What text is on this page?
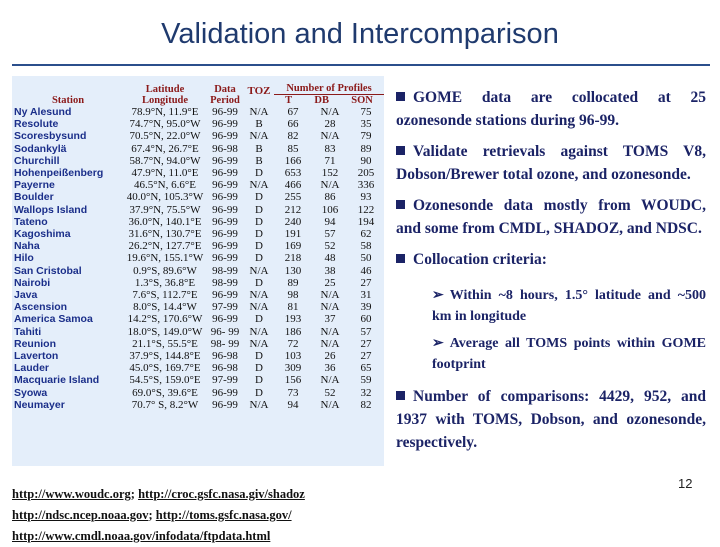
Validation and Intercomparison
Station	Latitude Longitude	Data Period	TOZ	Number of Profiles
T DB SON		

Ny Alesund	78.9°N, 11.9°E	96-99	N/A	67	N/A	75
Resolute	74.7°N, 95.0°W	96-99	B	66	28	35
Scoresbysund	70.5°N, 22.0°W	96-99	N/A	82	N/A	79
Sodankylä	67.4°N, 26.7°E	96-98	B	85	83	89
Churchill	58.7°N, 94.0°W	96-99	B	166	71	90
Hohenpeißenberg	47.9°N, 11.0°E	96-99	D	653	152	205
Payerne	46.5°N, 6.6°E	96-99	N/A	466	N/A	336
Boulder	40.0°N, 105.3°W	96-99	D	255	86	93
Wallops Island	37.9°N, 75.5°W	96-99	D	212	106	122
Tateno	36.0°N, 140.1°E	96-99	D	240	94	194
Kagoshima	31.6°N, 130.7°E	96-99	D	191	57	62
Naha	26.2°N, 127.7°E	96-99	D	169	52	58
Hilo	19.6°N, 155.1°W	96-99	D	218	48	50
San Cristobal	0.9°S, 89.6°W	98-99	N/A	130	38	46
Nairobi	1.3°S, 36.8°E	98-99	D	89	25	27
Java	7.6°S, 112.7°E	96-99	N/A	98	N/A	31
Ascension	8.0°S, 14.4°W	97-99	N/A	81	N/A	39
America Samoa	14.2°S, 170.6°W	96-99	D	193	37	60
Tahiti	18.0°S, 149.0°W	96- 99	N/A	186	N/A	57
Reunion	21.1°S, 55.5°E	98- 99	N/A	72	N/A	27
Laverton	37.9°S, 144.8°E	96-98	D	103	26	27
Lauder	45.0°S, 169.7°E	96-98	D	309	36	65
Macquarie Island	54.5°S, 159.0°E	97-99	D	156	N/A	59
Syowa	69.0°S, 39.6°E	96-99	D	73	52	32
Neumayer	70.7° S, 8.2°W	96-99	N/A	94	N/A	82
GOME data are collocated at 25 ozonesonde stations during 96-99.
Validate retrievals against TOMS V8, Dobson/Brewer total ozone, and ozonesonde.
Ozonesonde data mostly from WOUDC, and some from CMDL, SHADOZ, and NDSC.
Collocation criteria:
➢ Within ~8 hours, 1.5° latitude and ~500 km in longitude
➢ Average all TOMS points within GOME footprint
Number of comparisons: 4429, 952, and 1937 with TOMS, Dobson, and ozonesonde, respectively.
http://www.woudc.org; http://croc.gsfc.nasa.giv/shadoz
http://ndsc.ncep.noaa.gov; http://toms.gsfc.nasa.gov/
http://www.cmdl.noaa.gov/infodata/ftpdata.html
12
